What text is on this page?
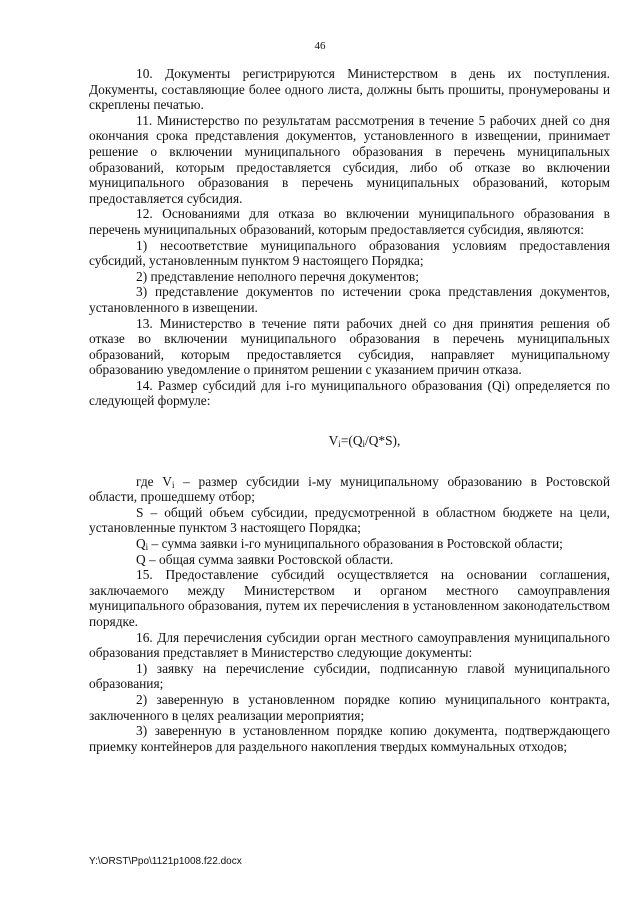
46

10. Документы регистрируются Министерством в день их поступления. Документы, составляющие более одного листа, должны быть прошиты, пронумерованы и скреплены печатью.

11. Министерство по результатам рассмотрения в течение 5 рабочих дней со дня окончания срока представления документов, установленного в извещении, принимает решение о включении муниципального образования в перечень муниципальных образований, которым предоставляется субсидия, либо об отказе во включении муниципального образования в перечень муниципальных образований, которым предоставляется субсидия.

12. Основаниями для отказа во включении муниципального образования в перечень муниципальных образований, которым предоставляется субсидия, являются:

1) несоответствие муниципального образования условиям предоставления субсидий, установленным пунктом 9 настоящего Порядка;

2) представление неполного перечня документов;

3) представление документов по истечении срока представления документов, установленного в извещении.

13. Министерство в течение пяти рабочих дней со дня принятия решения об отказе во включении муниципального образования в перечень муниципальных образований, которым предоставляется субсидия, направляет муниципальному образованию уведомление о принятом решении с указанием причин отказа.

14. Размер субсидий для i-го муниципального образования (Qi) определяется по следующей формуле:

$V_i=(Q_i/Q*S)$,

где $V_i$ – размер субсидии i-му муниципальному образованию в Ростовской области, прошедшему отбор;

S – общий объем субсидии, предусмотренной в областном бюджете на цели, установленные пунктом 3 настоящего Порядка;

$Q_i$ – сумма заявки i-го муниципального образования в Ростовской области;

Q – общая сумма заявки Ростовской области.

15. Предоставление субсидий осуществляется на основании соглашения, заключаемого между Министерством и органом местного самоуправления муниципального образования, путем их перечисления в установленном законодательством порядке.

16. Для перечисления субсидии орган местного самоуправления муниципального образования представляет в Министерство следующие документы:

1) заявку на перечисление субсидии, подписанную главой муниципального образования;

2) заверенную в установленном порядке копию муниципального контракта, заключенного в целях реализации мероприятия;

3) заверенную в установленном порядке копию документа, подтверждающего приемку контейнеров для раздельного накопления твердых коммунальных отходов;

Y:\ORST\Ppo\1121p1008.f22.docx
